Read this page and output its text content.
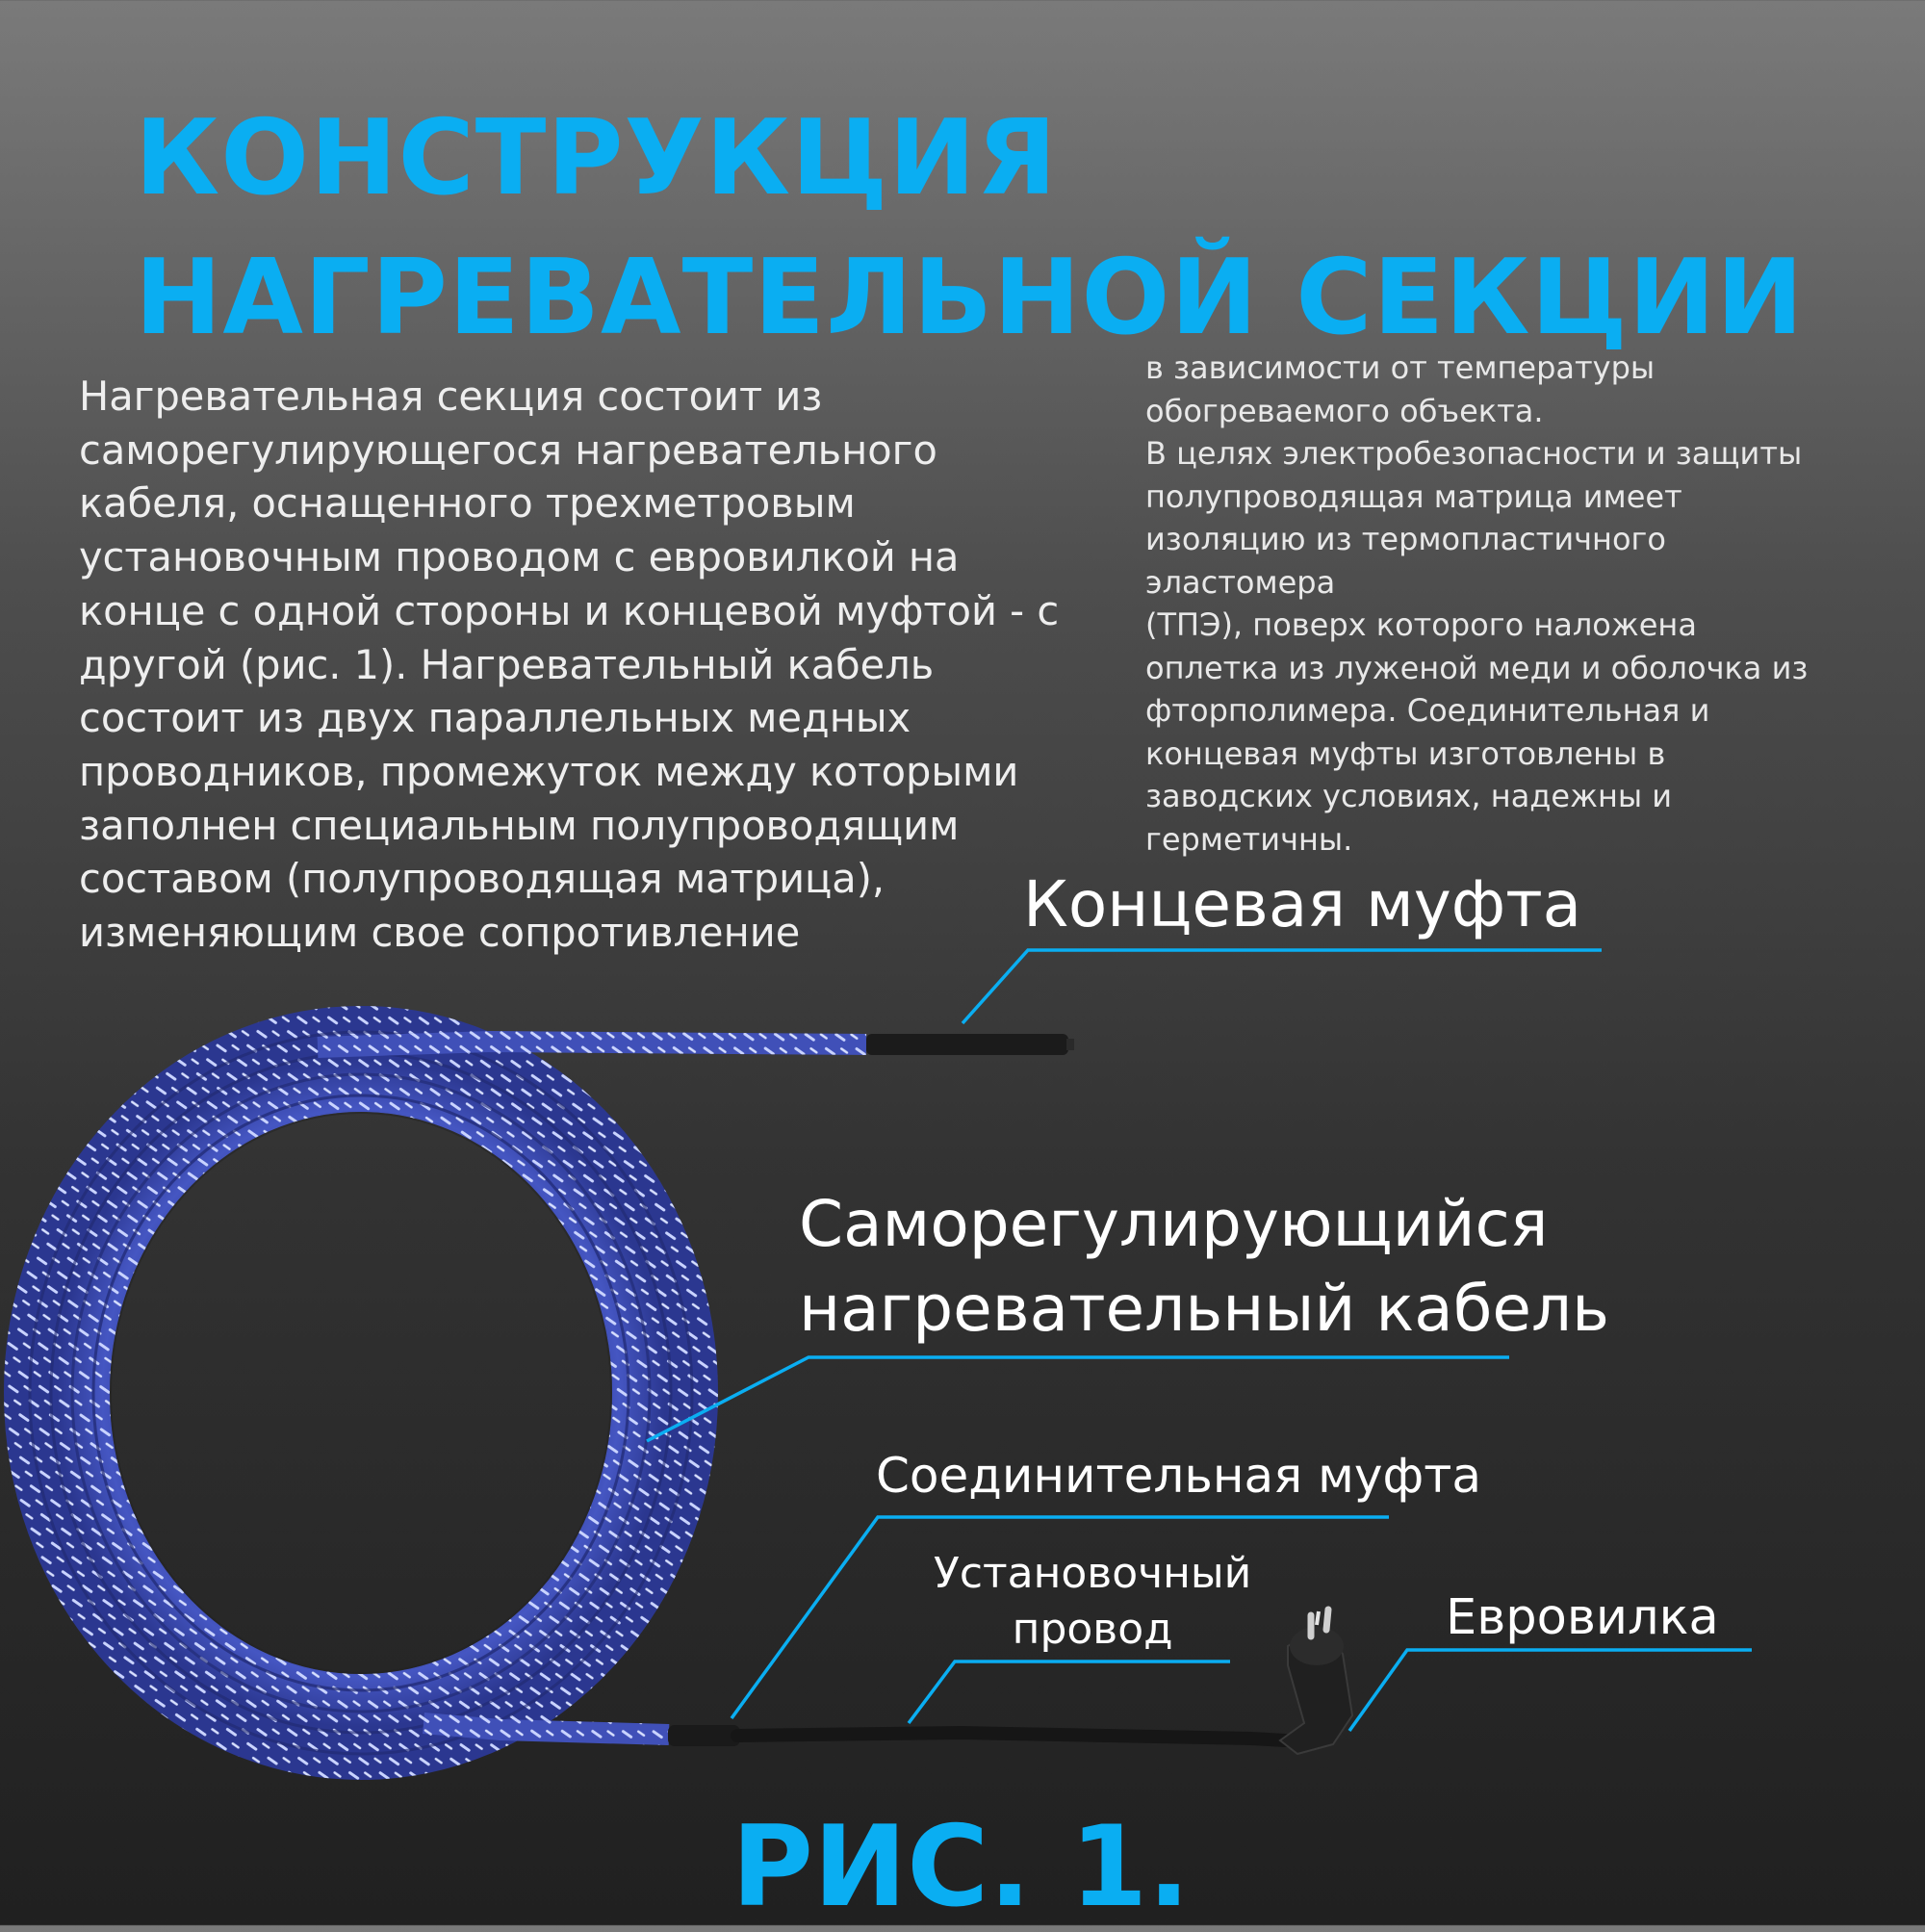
КОНСТРУКЦИЯ
НАГРЕВАТЕЛЬНОЙ СЕКЦИИ

Нагревательная секция состоит из
саморегулирующегося нагревательного
кабеля, оснащенного трехметровым
установочным проводом с евровилкой на
конце с одной стороны и концевой муфтой - с
другой (рис. 1). Нагревательный кабель
состоит из двух параллельных медных
проводников, промежуток между которыми
заполнен специальным полупроводящим
составом (полупроводящая матрица),
изменяющим свое сопротивление

в зависимости от температуры
обогреваемого объекта.
В целях электробезопасности и защиты
полупроводящая матрица имеет
изоляцию из термопластичного
эластомера
(ТПЭ), поверх которого наложена
оплетка из луженой меди и оболочка из
фторполимера. Соединительная и
концевая муфты изготовлены в
заводских условиях, надежны и
герметичны.

Концевая муфта

Саморегулирующийся
нагревательный кабель

Соединительная муфта

Установочный
провод	Евровилка

РИС. 1.
